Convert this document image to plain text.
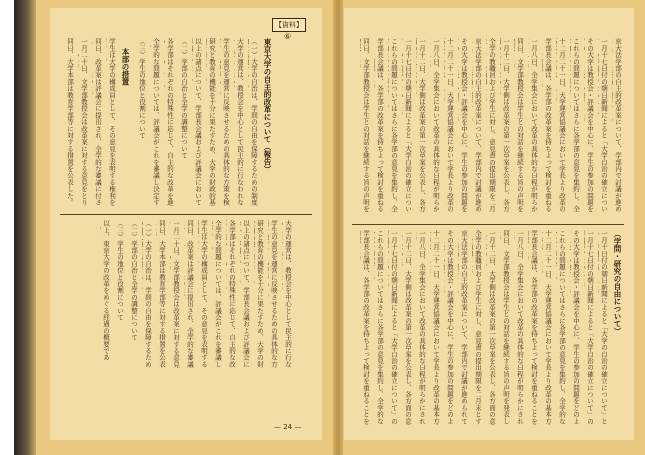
【資料】
⑥
東京大学の自主的改革について（報告）
（一）大学の自治は、学問の自由を保障するための制度
大学の運営は、教授会を中心として民主的に行なわれな
学生の意見を運営に反映させるための具体的な方策を検
研究と教育の機能を十分に果たすため、大学の財政的基
以上の諸点について、学部長会議および評議会において
（二）学部の自治と全学の調整について
各学部はそれぞれの特殊性に応じて、自主的な改革を進
全学的な問題については、評議会がこれを審議し決定す
（三）学生の地位と役割について
本部の措置
学生は大学の構成員として、その意見を表明する権利を
同日、改革案は評議会に提出され、全学的な審議に付さ
一月二十日、文学部教授会は改革案に対する意見をとり
同日、大学本部は教育学部等に対する措置を公表した。
大学の運営は、教授会を中心として民主的に行な
学生の意見を運営に反映させるための具体的な方
研究と教育の機能を十分に果たすため、大学の財
以上の諸点について、学部長会議および評議会に
各学部はそれぞれの特殊性に応じて、自主的な改
全学的な問題については、評議会がこれを審議し
学生は大学の構成員として、その意見を表明する
同日、改革案は評議会に提出され、全学的な審議
一月二十日、文学部教授会は改革案に対する意見
同日、大学本部は教育学部等に対する措置を公表
（一）大学の自治は、学問の自由を保障するため
（二）学部の自治と全学の調整について
（三）学生の地位と役割について
以上、東京大学の改革をめぐる経過の概要であ
— 24 —
京大法学部の自主的改革案について、学部内で討議が進め
一月十七日付の朝日新聞によると「大学自治の確立につい
その大学は教授会・評議会を中心に、学生の参加の問題を
これらの問題についてはさらに各学部の意見を集約し、全
十二月二十一日、大学運営協議会において学長より改革の
学部長会議は、各学部の改革案を持ちよって検討を重ねる
一月八日、全学集会において改革の具体的な日程が明らか
同日、文学部教授会は学生との対話を継続する旨の声明を
一月十二日、大学側は改革案の第一次草案を公表し、各方
全学の教職員および学生に対し、意見書の提出期限を二月
京大法学部の自主的改革案について、学部内で討議が進め
その大学は教授会・評議会を中心に、学生の参加の問題を
十二月二十一日、大学運営協議会において学長より改革の
一月八日、全学集会において改革の具体的な日程が明らか
一月十二日、大学側は改革案の第一次草案を公表し、各方
一月十七日付の朝日新聞によると「大学自治の確立につい
これらの問題についてはさらに各学部の意見を集約し、全
学部長会議は、各学部の改革案を持ちよって検討を重ねる
同日、文学部教授会は学生との対話を継続する旨の声明を
（学問・研究の自由について）
一月十日付の朝日新聞によると「大学の自治の確立について」と
一月十七日付の朝日新聞によると「大学自治の確立について」の
その大学は教授会・評議会を中心に、学生の参加の問題をどのよ
これらの問題についてはさらに各学部の意見を集約し、全学的な
十二月二十一日、大学運営協議会において学長より改革の基本方
学部長会議は、各学部の改革案を持ちよって検討を重ねることを
一月八日、全学集会において改革の具体的な日程が明らかにされ
同日、文学部教授会は学生との対話を継続する旨の声明を発表し
一月十二日、大学側は改革案の第一次草案を公表し、各方面の意
全学の教職員および学生に対し、意見書の提出期限を二月末とす
京大法学部の自主的改革案について、学部内で討議が進められて
その大学は教授会・評議会を中心に、学生の参加の問題をどのよ
十二月二十一日、大学運営協議会において学長より改革の基本方
一月八日、全学集会において改革の具体的な日程が明らかにされ
一月十二日、大学側は改革案の第一次草案を公表し、各方面の意
一月十七日付の朝日新聞によると「大学自治の確立について」の
これらの問題についてはさらに各学部の意見を集約し、全学的な
学部長会議は、各学部の改革案を持ちよって検討を重ねることを
